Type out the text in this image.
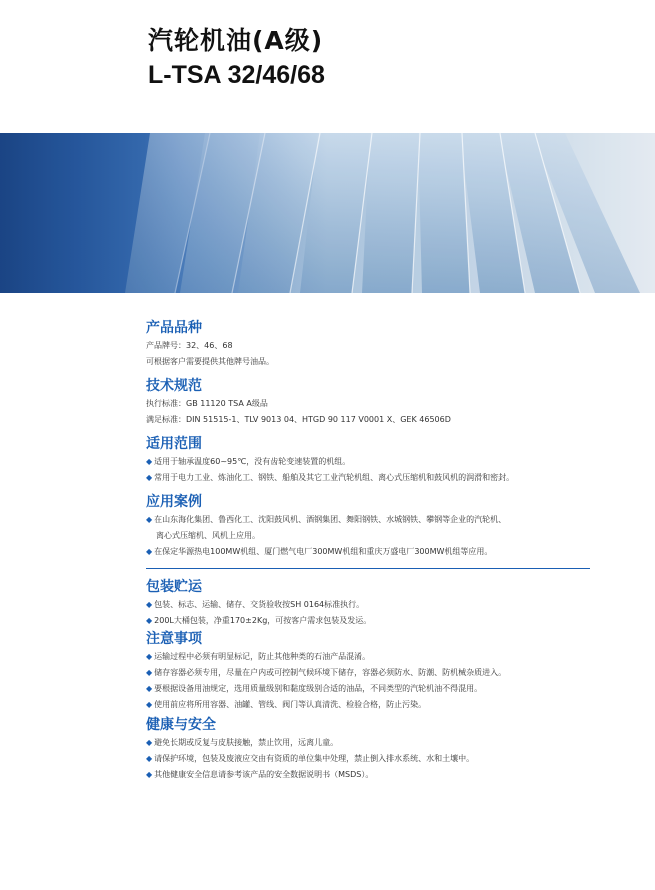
汽轮机油(A级)

L-TSA 32/46/68

产品品种

产品牌号：32、46、68

可根据客户需要提供其他牌号油品。

技术规范

执行标准：GB 11120 TSA A级品

满足标准：DIN 51515-1、TLV 9013 04、HTGD 90 117 V0001 X、GEK 46506D

适用范围

◆ 适用于轴承温度60~95℃，没有齿轮变速装置的机组。

◆ 常用于电力工业、炼油化工、钢铁、船舶及其它工业汽轮机组、离心式压缩机和鼓风机的润滑和密封。

应用案例

◆ 在山东海化集团、鲁西化工、沈阳鼓风机、酒钢集团、舞阳钢铁、水城钢铁、攀钢等企业的汽轮机、

离心式压缩机、风机上应用。

◆ 在保定华源热电100MW机组、厦门燃气电厂300MW机组和重庆万盛电厂300MW机组等应用。

包装贮运

◆ 包装、标志、运输、储存、交货验收按SH 0164标准执行。

◆ 200L大桶包装，净重170±2Kg，可按客户需求包装及发运。

注意事项

◆ 运输过程中必须有明显标记，防止其他种类的石油产品混淆。

◆ 储存容器必须专用，尽量在户内或可控制气候环境下储存，容器必须防水、防潮、防机械杂质进入。

◆ 要根据设备用油规定，选用质量级别和黏度级别合适的油品，不同类型的汽轮机油不得混用。

◆ 使用前应将所用容器、油罐、管线、阀门等认真清洗、检验合格，防止污染。

健康与安全

◆ 避免长期或反复与皮肤接触，禁止饮用，远离儿童。

◆ 请保护环境，包装及废液应交由有资质的单位集中处理，禁止倒入排水系统、水和土壤中。

◆ 其他健康安全信息请参考该产品的安全数据说明书（MSDS）。
